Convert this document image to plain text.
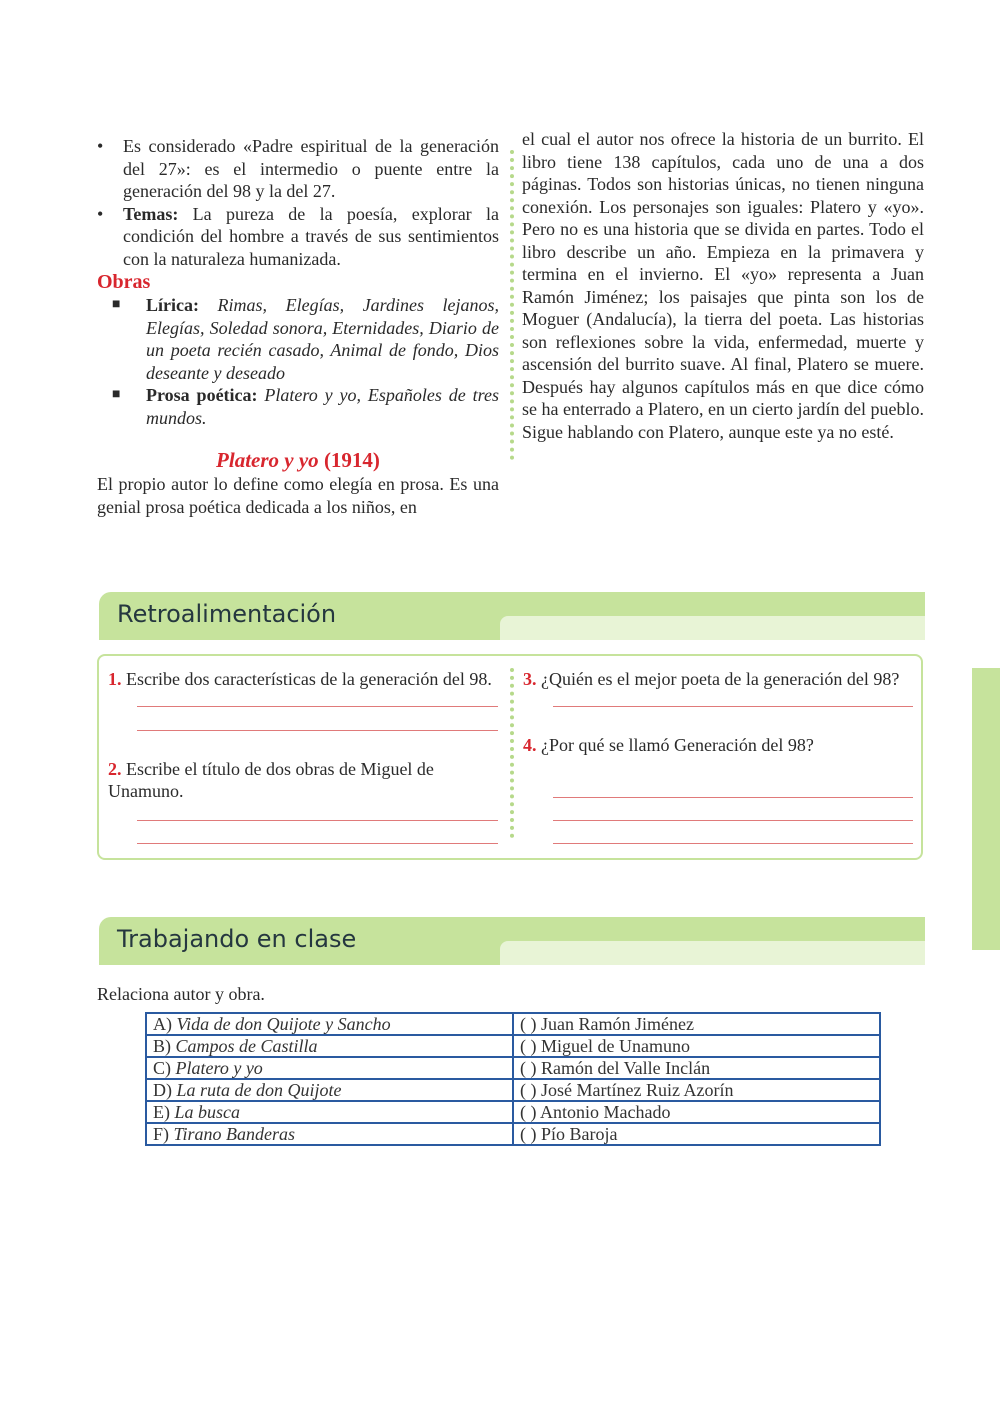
• Es considerado «Padre espiritual de la generación del 27»: es el intermedio o puente entre la generación del 98 y la del 27.
• Temas: La pureza de la poesía, explorar la condición del hombre a través de sus sentimientos con la naturaleza humanizada.
Obras
■ Lírica: Rimas, Elegías, Jardines lejanos, Elegías, Soledad sonora, Eternidades, Diario de un poeta recién casado, Animal de fondo, Dios deseante y deseado
■ Prosa poética: Platero y yo, Españoles de tres mundos.
Platero y yo (1914)

El propio autor lo define como elegía en prosa. Es una genial prosa poética dedicada a los niños, en

el cual el autor nos ofrece la historia de un burrito. El libro tiene 138 capítulos, cada uno de una a dos páginas. Todos son historias únicas, no tienen ninguna conexión. Los personajes son iguales: Platero y «yo». Pero no es una historia que se divida en partes. Todo el libro describe un año. Empieza en la primavera y termina en el invierno. El «yo» representa a Juan Ramón Jiménez; los paisajes que pinta son los de Moguer (Andalucía), la tierra del poeta. Las historias son reflexiones sobre la vida, enfermedad, muerte y ascensión del burrito suave. Al final, Platero se muere. Después hay algunos capítulos más en que dice cómo se ha enterrado a Platero, en un cierto jardín del pueblo. Sigue hablando con Platero, aunque este ya no esté.

Retroalimentación
1. Escribe dos características de la generación del 98.
2. Escribe el título de dos obras de Miguel de Unamuno.
3. ¿Quién es el mejor poeta de la generación del 98?
4. ¿Por qué se llamó Generación del 98?
Trabajando en clase
Relaciona autor y obra.
A) Vida de don Quijote y Sancho	( ) Juan Ramón Jiménez
B) Campos de Castilla	( ) Miguel de Unamuno
C) Platero y yo	( ) Ramón del Valle Inclán
D) La ruta de don Quijote	( ) José Martínez Ruiz Azorín
E) La busca	( ) Antonio Machado
F) Tirano Banderas	( ) Pío Baroja
